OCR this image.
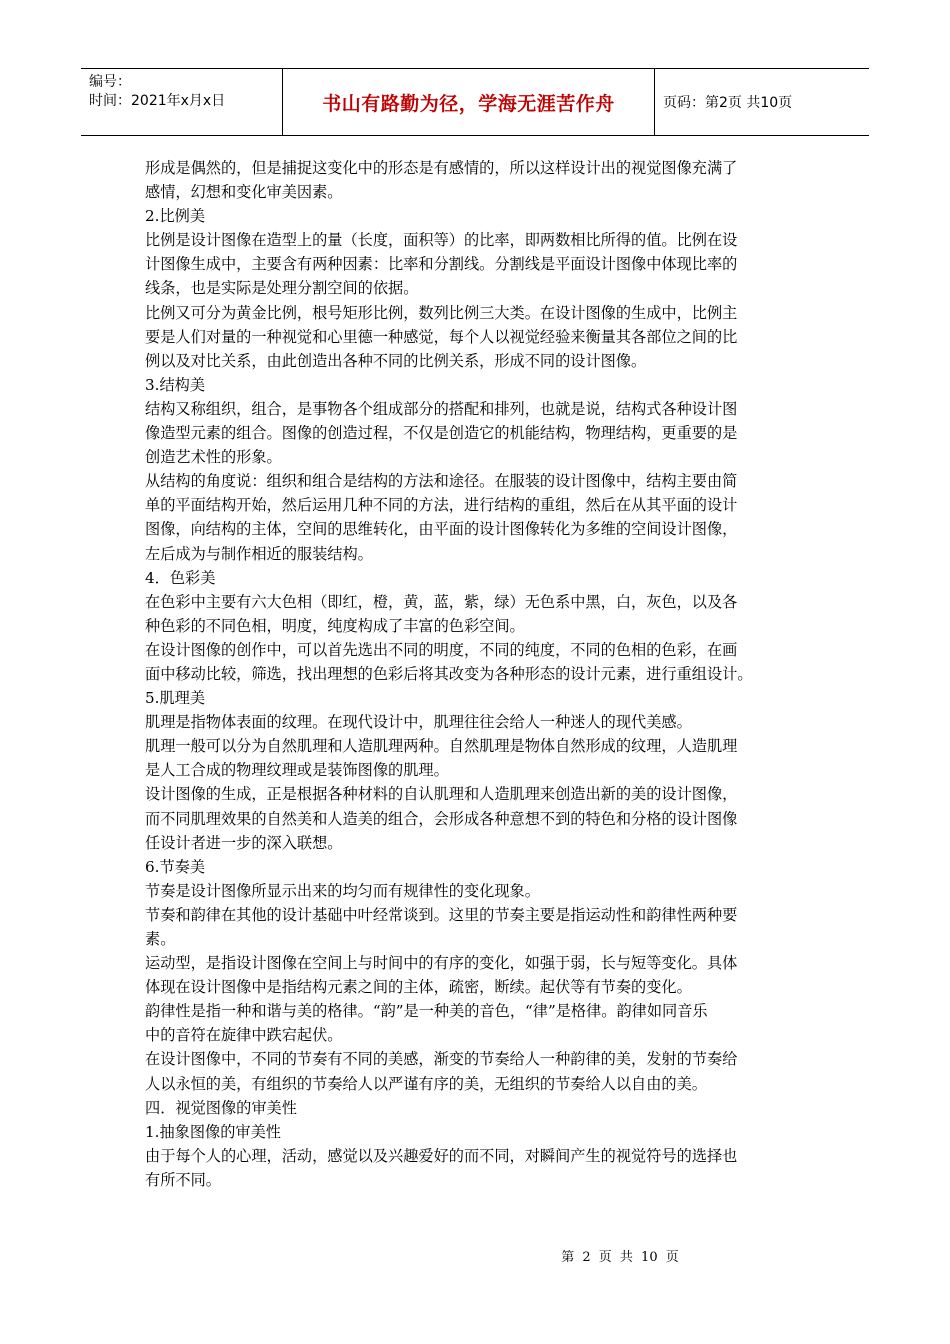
编号：
时间：2021年x月x日	书山有路勤为径，学海无涯苦作舟	页码：第2页 共10页
形成是偶然的，但是捕捉这变化中的形态是有感情的，所以这样设计出的视觉图像充满了
感情，幻想和变化审美因素。
2.比例美
比例是设计图像在造型上的量（长度，面积等）的比率，即两数相比所得的值。比例在设
计图像生成中，主要含有两种因素：比率和分割线。分割线是平面设计图像中体现比率的
线条，也是实际是处理分割空间的依据。
比例又可分为黄金比例，根号矩形比例，数列比例三大类。在设计图像的生成中，比例主
要是人们对量的一种视觉和心里德一种感觉，每个人以视觉经验来衡量其各部位之间的比
例以及对比关系，由此创造出各种不同的比例关系，形成不同的设计图像。
3.结构美
结构又称组织，组合，是事物各个组成部分的搭配和排列，也就是说，结构式各种设计图
像造型元素的组合。图像的创造过程，不仅是创造它的机能结构，物理结构，更重要的是
创造艺术性的形象。
从结构的角度说：组织和组合是结构的方法和途径。在服装的设计图像中，结构主要由简
单的平面结构开始，然后运用几种不同的方法，进行结构的重组，然后在从其平面的设计
图像，向结构的主体，空间的思维转化，由平面的设计图像转化为多维的空间设计图像，
左后成为与制作相近的服装结构。
4．色彩美
在色彩中主要有六大色相（即红，橙，黄，蓝，紫，绿）无色系中黑，白，灰色，以及各
种色彩的不同色相，明度，纯度构成了丰富的色彩空间。
在设计图像的创作中，可以首先选出不同的明度，不同的纯度，不同的色相的色彩，在画
面中移动比较，筛选，找出理想的色彩后将其改变为各种形态的设计元素，进行重组设计。
5.肌理美
肌理是指物体表面的纹理。在现代设计中，肌理往往会给人一种迷人的现代美感。
肌理一般可以分为自然肌理和人造肌理两种。自然肌理是物体自然形成的纹理，人造肌理
是人工合成的物理纹理或是装饰图像的肌理。
设计图像的生成，正是根据各种材料的自认肌理和人造肌理来创造出新的美的设计图像，
而不同肌理效果的自然美和人造美的组合，会形成各种意想不到的特色和分格的设计图像
任设计者进一步的深入联想。
6.节奏美
节奏是设计图像所显示出来的均匀而有规律性的变化现象。
节奏和韵律在其他的设计基础中叶经常谈到。这里的节奏主要是指运动性和韵律性两种要
素。
运动型，是指设计图像在空间上与时间中的有序的变化，如强于弱，长与短等变化。具体
体现在设计图像中是指结构元素之间的主体，疏密，断续。起伏等有节奏的变化。
韵律性是指一种和谐与美的格律。“韵”是一种美的音色，“律”是格律。韵律如同音乐
中的音符在旋律中跌宕起伏。
在设计图像中，不同的节奏有不同的美感，渐变的节奏给人一种韵律的美，发射的节奏给
人以永恒的美，有组织的节奏给人以严谨有序的美，无组织的节奏给人以自由的美。
四．视觉图像的审美性
1.抽象图像的审美性
由于每个人的心理，活动，感觉以及兴趣爱好的而不同，对瞬间产生的视觉符号的选择也
有所不同。
第 2 页 共 10 页
